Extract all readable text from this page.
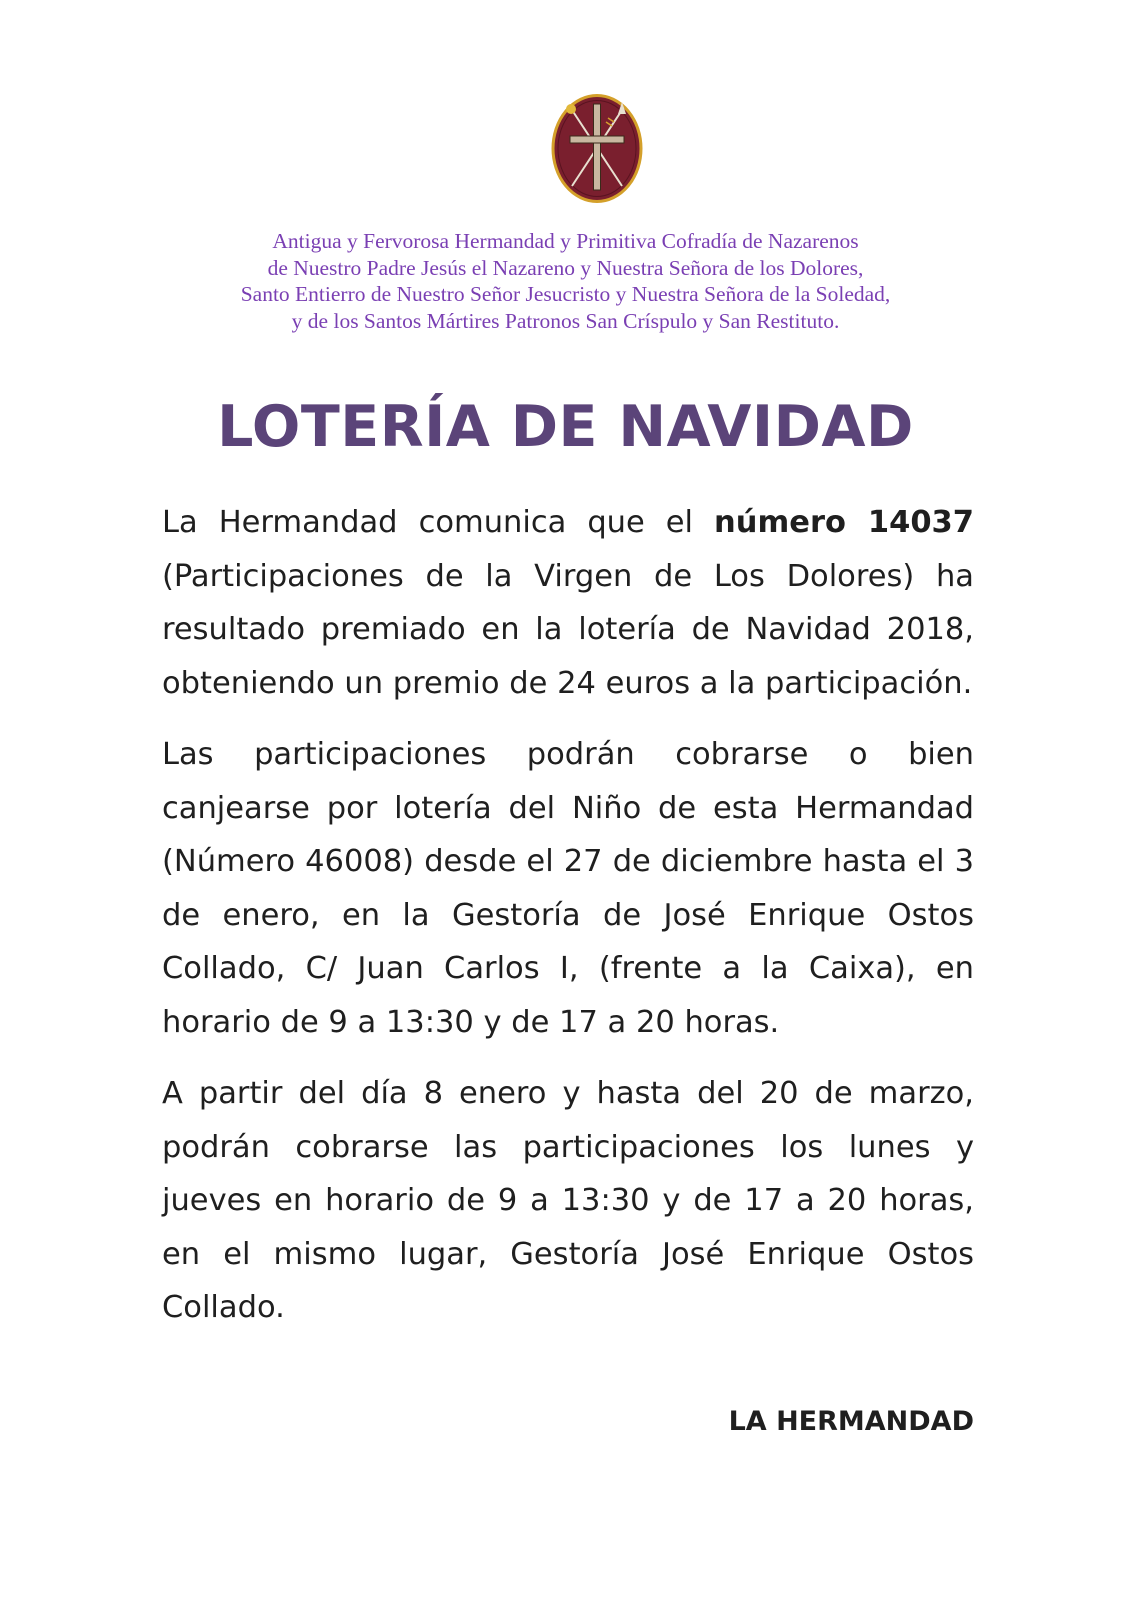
Antigua y Fervorosa Hermandad y Primitiva Cofradía de Nazarenos
de Nuestro Padre Jesús el Nazareno y Nuestra Señora de los Dolores,
Santo Entierro de Nuestro Señor Jesucristo y Nuestra Señora de la Soledad,
y de los Santos Mártires Patronos San Críspulo y San Restituto.
LOTERÍA DE NAVIDAD

La Hermandad comunica que el número 14037 (Participaciones de la Virgen de Los Dolores) ha resultado premiado en la lotería de Navidad 2018, obteniendo un premio de 24 euros a la participación.

Las participaciones podrán cobrarse o bien canjearse por lotería del Niño de esta Hermandad (Número 46008) desde el 27 de diciembre hasta el 3 de enero, en la Gestoría de José Enrique Ostos Collado, C/ Juan Carlos I, (frente a la Caixa), en horario de 9 a 13:30 y de 17 a 20 horas.

A partir del día 8 enero y hasta del 20 de marzo, podrán cobrarse las participaciones los lunes y jueves en horario de 9 a 13:30 y de 17 a 20 horas, en el mismo lugar, Gestoría José Enrique Ostos Collado.

LA HERMANDAD
